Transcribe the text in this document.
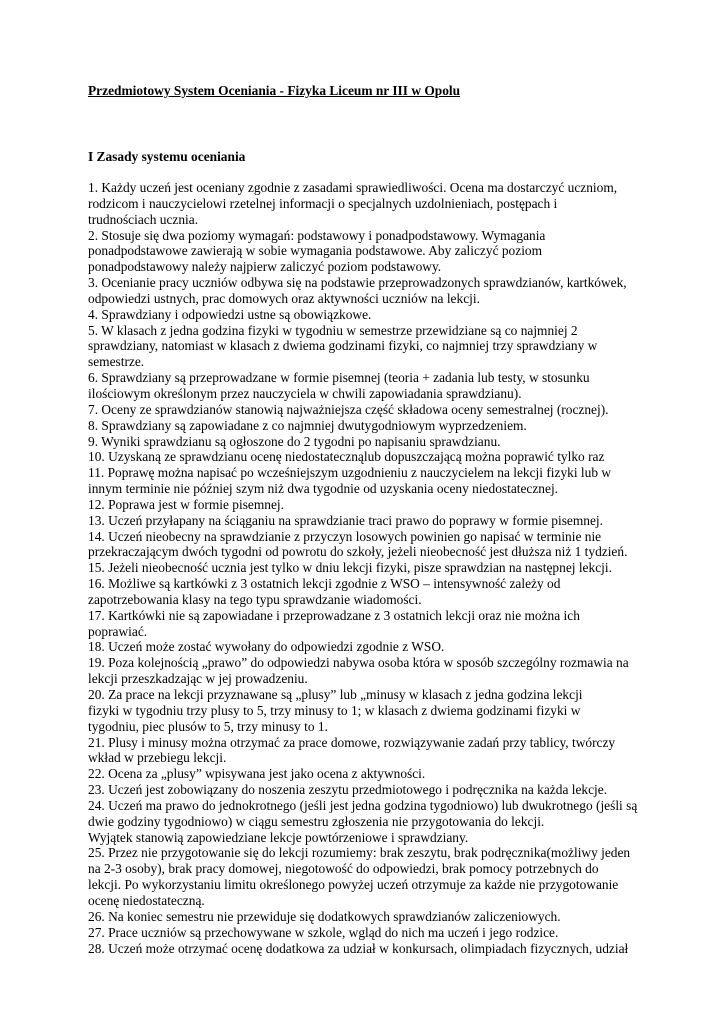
Przedmiotowy System Oceniania - Fizyka Liceum nr III w Opolu
I Zasady systemu oceniania

1. Każdy uczeń jest oceniany zgodnie z zasadami sprawiedliwości. Ocena ma dostarczyć uczniom,
rodzicom i nauczycielowi rzetelnej informacji o specjalnych uzdolnieniach, postępach i
trudnościach ucznia.

2. Stosuje się dwa poziomy wymagań: podstawowy i ponadpodstawowy. Wymagania
ponadpodstawowe zawierają w sobie wymagania podstawowe. Aby zaliczyć poziom
ponadpodstawowy należy najpierw zaliczyć poziom podstawowy.

3. Ocenianie pracy uczniów odbywa się na podstawie przeprowadzonych sprawdzianów, kartkówek,
odpowiedzi ustnych, prac domowych oraz aktywności uczniów na lekcji.

4. Sprawdziany i odpowiedzi ustne są obowiązkowe.

5. W klasach z jedna godzina fizyki w tygodniu w semestrze przewidziane są co najmniej 2
sprawdziany, natomiast w klasach z dwiema godzinami fizyki, co najmniej trzy sprawdziany w
semestrze.

6. Sprawdziany są przeprowadzane w formie pisemnej (teoria + zadania lub testy, w stosunku
ilościowym określonym przez nauczyciela w chwili zapowiadania sprawdzianu).

7. Oceny ze sprawdzianów stanowią najważniejsza część składowa oceny semestralnej (rocznej).

8. Sprawdziany są zapowiadane z co najmniej dwutygodniowym wyprzedzeniem.

9. Wyniki sprawdzianu są ogłoszone do 2 tygodni po napisaniu sprawdzianu.

10. Uzyskaną ze sprawdzianu ocenę niedostatecznąlub dopuszczającą można poprawić tylko raz

11. Poprawę można napisać po wcześniejszym uzgodnieniu z nauczycielem na lekcji fizyki lub w
innym terminie nie później szym niż dwa tygodnie od uzyskania oceny niedostatecznej.

12. Poprawa jest w formie pisemnej.

13. Uczeń przyłapany na ściąganiu na sprawdzianie traci prawo do poprawy w formie pisemnej.

14. Uczeń nieobecny na sprawdzianie z przyczyn losowych powinien go napisać w terminie nie
przekraczającym dwóch tygodni od powrotu do szkoły, jeżeli nieobecność jest dłuższa niż 1 tydzień.

15. Jeżeli nieobecność ucznia jest tylko w dniu lekcji fizyki, pisze sprawdzian na następnej lekcji.

16. Możliwe są kartkówki z 3 ostatnich lekcji zgodnie z WSO – intensywność zależy od
zapotrzebowania klasy na tego typu sprawdzanie wiadomości.

17. Kartkówki nie są zapowiadane i przeprowadzane z 3 ostatnich lekcji oraz nie można ich
poprawiać.

18. Uczeń może zostać wywołany do odpowiedzi zgodnie z WSO.

19. Poza kolejnością „prawo” do odpowiedzi nabywa osoba która w sposób szczególny rozmawia na
lekcji przeszkadzając w jej prowadzeniu.

20. Za prace na lekcji przyznawane są „plusy” lub „minusy w klasach z jedna godzina lekcji
fizyki w tygodniu trzy plusy to 5, trzy minusy to 1; w klasach z dwiema godzinami fizyki w
tygodniu, piec plusów to 5, trzy minusy to 1.

21. Plusy i minusy można otrzymać za prace domowe, rozwiązywanie zadań przy tablicy, twórczy
wkład w przebiegu lekcji.

22. Ocena za „plusy” wpisywana jest jako ocena z aktywności.

23. Uczeń jest zobowiązany do noszenia zeszytu przedmiotowego i podręcznika na każda lekcje.

24. Uczeń ma prawo do jednokrotnego (jeśli jest jedna godzina tygodniowo) lub dwukrotnego (jeśli są
dwie godziny tygodniowo) w ciągu semestru zgłoszenia nie przygotowania do lekcji.
Wyjątek stanowią zapowiedziane lekcje powtórzeniowe i sprawdziany.

25. Przez nie przygotowanie się do lekcji rozumiemy: brak zeszytu, brak podręcznika(możliwy jeden
na 2-3 osoby), brak pracy domowej, niegotowość do odpowiedzi, brak pomocy potrzebnych do
lekcji. Po wykorzystaniu limitu określonego powyżej uczeń otrzymuje za każde nie przygotowanie
ocenę niedostateczną.

26. Na koniec semestru nie przewiduje się dodatkowych sprawdzianów zaliczeniowych.

27. Prace uczniów są przechowywane w szkole, wgląd do nich ma uczeń i jego rodzice.

28. Uczeń może otrzymać ocenę dodatkowa za udział w konkursach, olimpiadach fizycznych, udział
